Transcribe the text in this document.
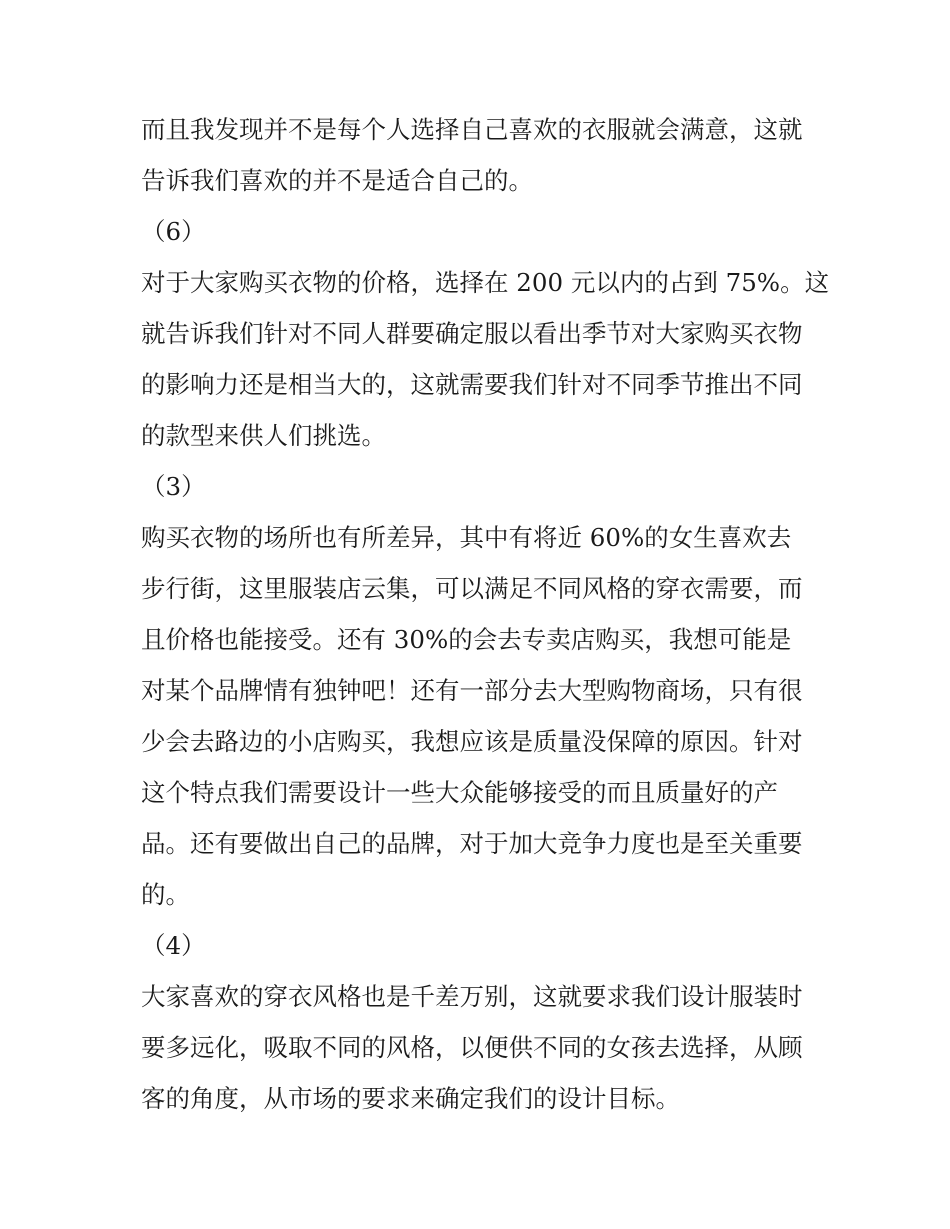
而且我发现并不是每个人选择自己喜欢的衣服就会满意，这就
告诉我们喜欢的并不是适合自己的。
（6）
对于大家购买衣物的价格，选择在 200 元以内的占到 75%。这
就告诉我们针对不同人群要确定服以看出季节对大家购买衣物
的影响力还是相当大的，这就需要我们针对不同季节推出不同
的款型来供人们挑选。
（3）
购买衣物的场所也有所差异，其中有将近 60%的女生喜欢去
步行街，这里服装店云集，可以满足不同风格的穿衣需要，而
且价格也能接受。还有 30%的会去专卖店购买，我想可能是
对某个品牌情有独钟吧！还有一部分去大型购物商场，只有很
少会去路边的小店购买，我想应该是质量没保障的原因。针对
这个特点我们需要设计一些大众能够接受的而且质量好的产
品。还有要做出自己的品牌，对于加大竞争力度也是至关重要
的。
（4）
大家喜欢的穿衣风格也是千差万别，这就要求我们设计服装时
要多远化，吸取不同的风格，以便供不同的女孩去选择，从顾
客的角度，从市场的要求来确定我们的设计目标。
